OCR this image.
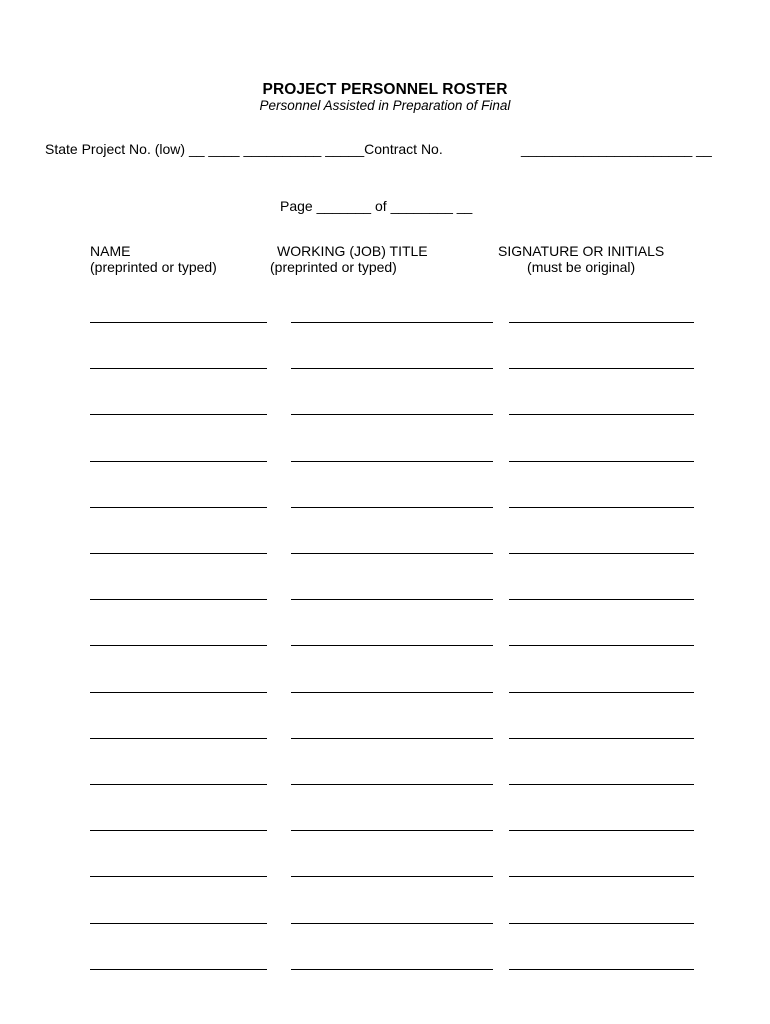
PROJECT PERSONNEL ROSTER
Personnel Assisted in Preparation of Final
State Project No. (low) __ ____ __________ _____Contract No.	______________________ __
Page _______ of ________ __
NAME
(preprinted or typed)
WORKING (JOB) TITLE
(preprinted or typed)
SIGNATURE OR INITIALS
(must be original)
